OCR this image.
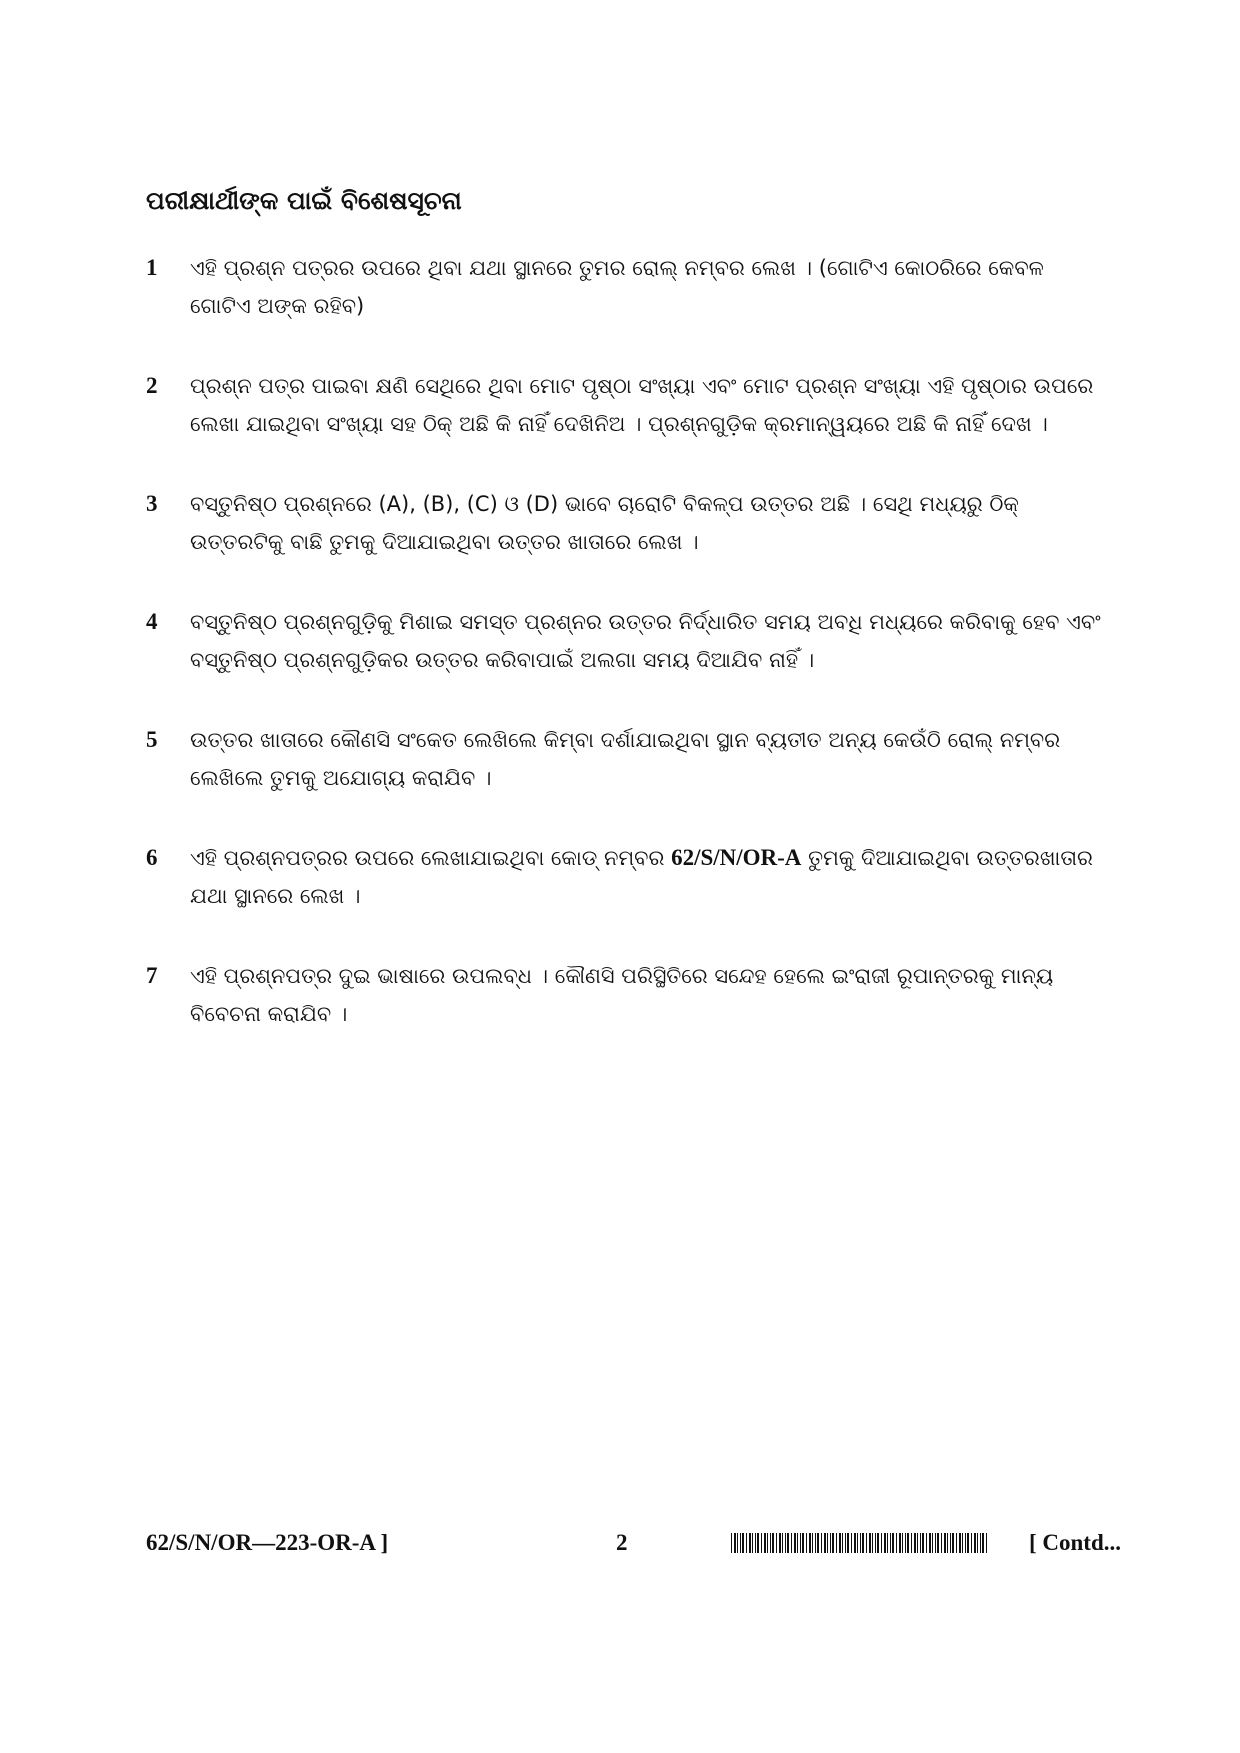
ପରୀକ୍ଷାର୍ଥୀଙ୍କ ପାଇଁ ବିଶେଷସୂଚନା
1	ଏହି ପ୍ରଶ୍ନ ପତ୍ରର ଉପରେ ଥିବା ଯଥା ସ୍ଥାନରେ ତୁମର ରୋଲ୍ ନମ୍ବର ଲେଖ । (ଗୋଟିଏ କୋଠରିରେ କେବଳ
ଗୋଟିଏ ଅଙ୍କ ରହିବ)
2	ପ୍ରଶ୍ନ ପତ୍ର ପାଇବା କ୍ଷଣି ସେଥିରେ ଥିବା ମୋଟ ପୃଷ୍ଠା ସଂଖ୍ୟା ଏବଂ ମୋଟ ପ୍ରଶ୍ନ ସଂଖ୍ୟା ଏହି ପୃଷ୍ଠାର ଉପରେ
ଲେଖା ଯାଇଥିବା ସଂଖ୍ୟା ସହ ଠିକ୍ ଅଛି କି ନାହିଁ ଦେଖିନିଅ । ପ୍ରଶ୍ନଗୁଡ଼ିକ କ୍ରମାନ୍ୱୟରେ ଅଛି କି ନାହିଁ ଦେଖ ।
3	ବସ୍ତୁନିଷ୍ଠ ପ୍ରଶ୍ନରେ (A), (B), (C) ଓ (D) ଭାବେ ଚାରୋଟି ବିକଳ୍ପ ଉତ୍ତର ଅଛି । ସେଥି ମଧ୍ୟରୁ ଠିକ୍
ଉତ୍ତରଟିକୁ ବାଛି ତୁମକୁ ଦିଆଯାଇଥିବା ଉତ୍ତର ଖାତାରେ ଲେଖ ।
4	ବସ୍ତୁନିଷ୍ଠ ପ୍ରଶ୍ନଗୁଡ଼ିକୁ ମିଶାଇ ସମସ୍ତ ପ୍ରଶ୍ନର ଉତ୍ତର ନିର୍ଦ୍ଧାରିତ ସମୟ ଅବଧି ମଧ୍ୟରେ କରିବାକୁ ହେବ ଏବଂ
ବସ୍ତୁନିଷ୍ଠ ପ୍ରଶ୍ନଗୁଡ଼ିକର ଉତ୍ତର କରିବାପାଇଁ ଅଲଗା ସମୟ ଦିଆଯିବ ନାହିଁ ।
5	ଉତ୍ତର ଖାତାରେ କୌଣସି ସଂକେତ ଲେଖିଲେ କିମ୍ବା ଦର୍ଶାଯାଇଥିବା ସ୍ଥାନ ବ୍ୟତୀତ ଅନ୍ୟ କେଉଁଠି ରୋଲ୍ ନମ୍ବର
ଲେଖିଲେ ତୁମକୁ ଅଯୋଗ୍ୟ କରାଯିବ ।
6	ଏହି ପ୍ରଶ୍ନପତ୍ରର ଉପରେ ଲେଖାଯାଇଥିବା କୋଡ୍ ନମ୍ବର 62/S/N/OR-A ତୁମକୁ ଦିଆଯାଇଥିବା ଉତ୍ତରଖାତାର
ଯଥା ସ୍ଥାନରେ ଲେଖ ।
7	ଏହି ପ୍ରଶ୍ନପତ୍ର ଦୁଇ ଭାଷାରେ ଉପଲବ୍ଧ । କୌଣସି ପରିସ୍ଥିତିରେ ସନ୍ଦେହ ହେଲେ ଇଂରାଜୀ ରୂପାନ୍ତରକୁ ମାନ୍ୟ
ବିବେଚନା କରାଯିବ ।
62/S/N/OR—223-OR-A ]	2	[ Contd...
